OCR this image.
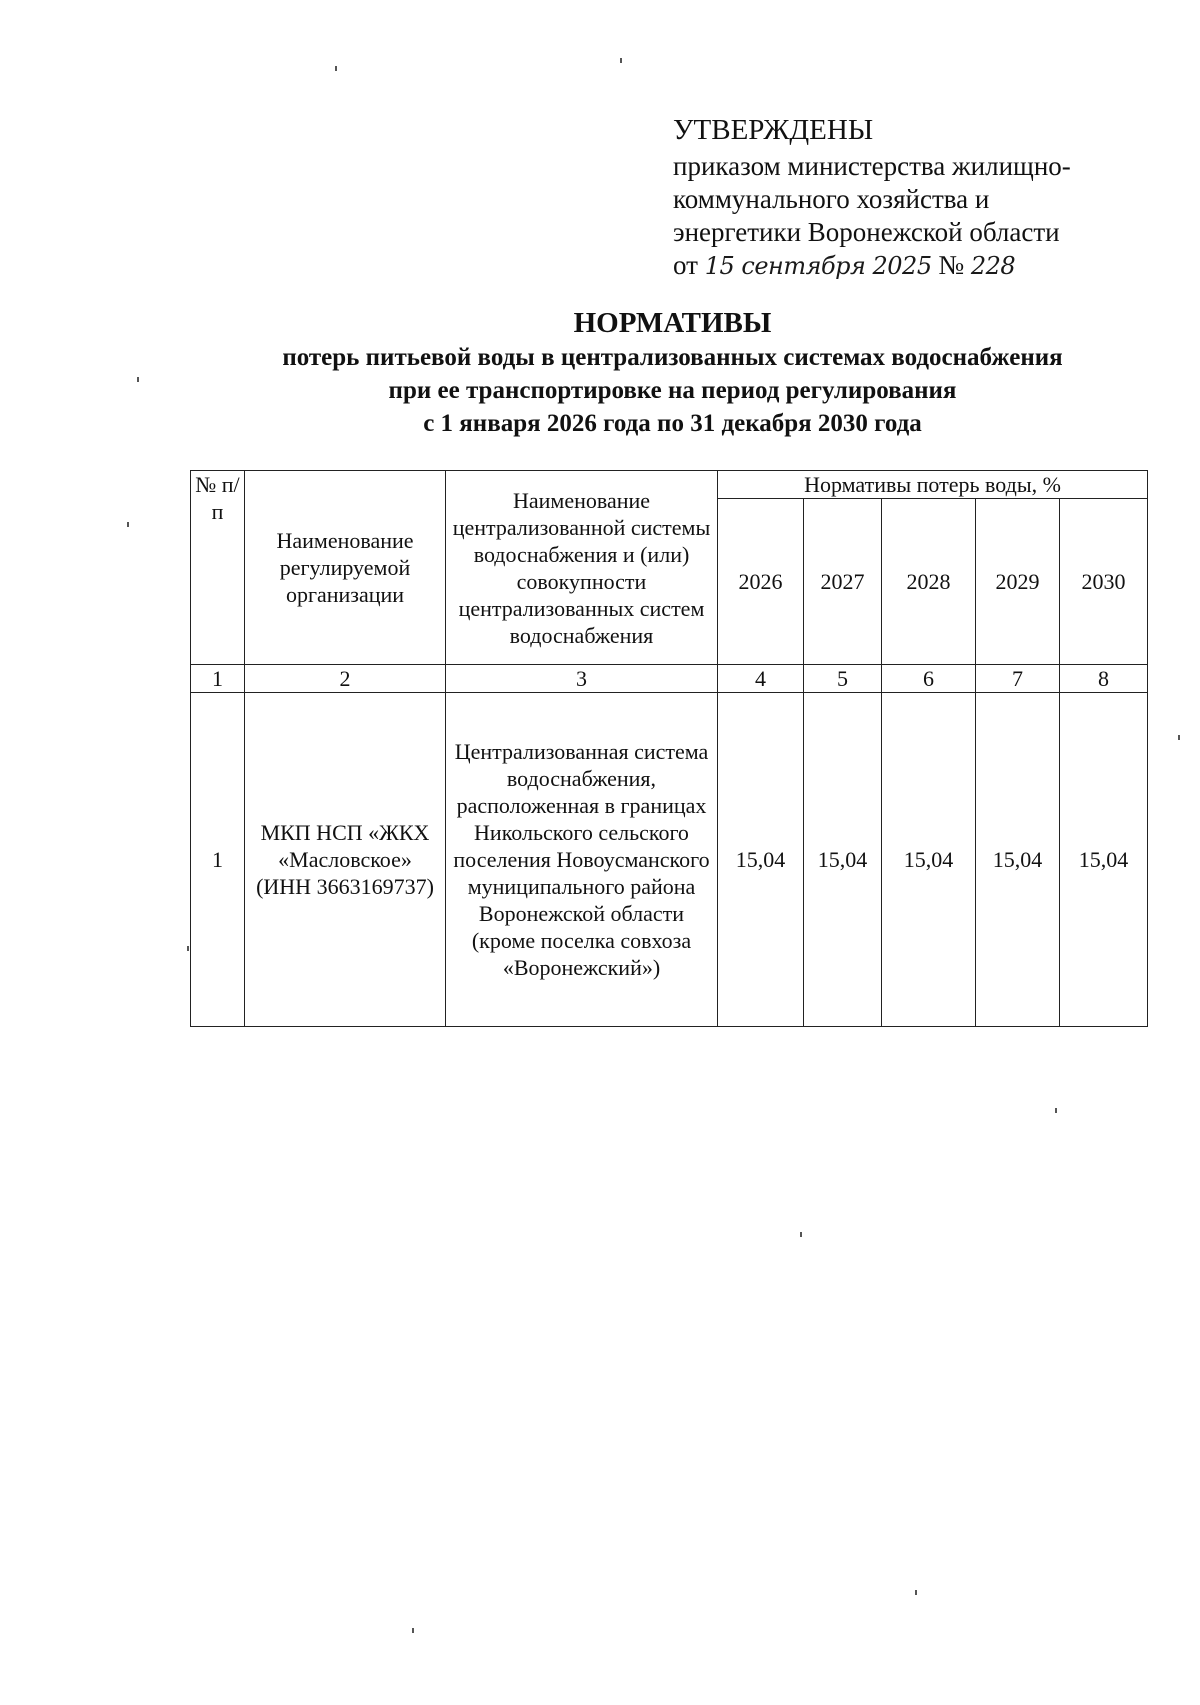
УТВЕРЖДЕНЫ
приказом министерства жилищно-
коммунального хозяйства и
энергетики Воронежской области
от 15 сентября 2025 № 228
НОРМАТИВЫ
потерь питьевой воды в централизованных системах водоснабжения
при ее транспортировке на период регулирования
с 1 января 2026 года по 31 декабря 2030 года
№ п/п	Наименование регулируемой организации	Наименование централизованной системы водоснабжения и (или) совокупности централизованных систем водоснабжения	Нормативы потерь воды, %				
			2026	2027	2028	2029	2030
1	2	3	4	5	6	7	8
1	МКП НСП «ЖКХ «Масловское» (ИНН 3663169737)	Централизованная система водоснабжения, расположенная в границах Никольского сельского поселения Новоусманского муниципального района Воронежской области (кроме поселка совхоза «Воронежский»)	15,04	15,04	15,04	15,04	15,04
